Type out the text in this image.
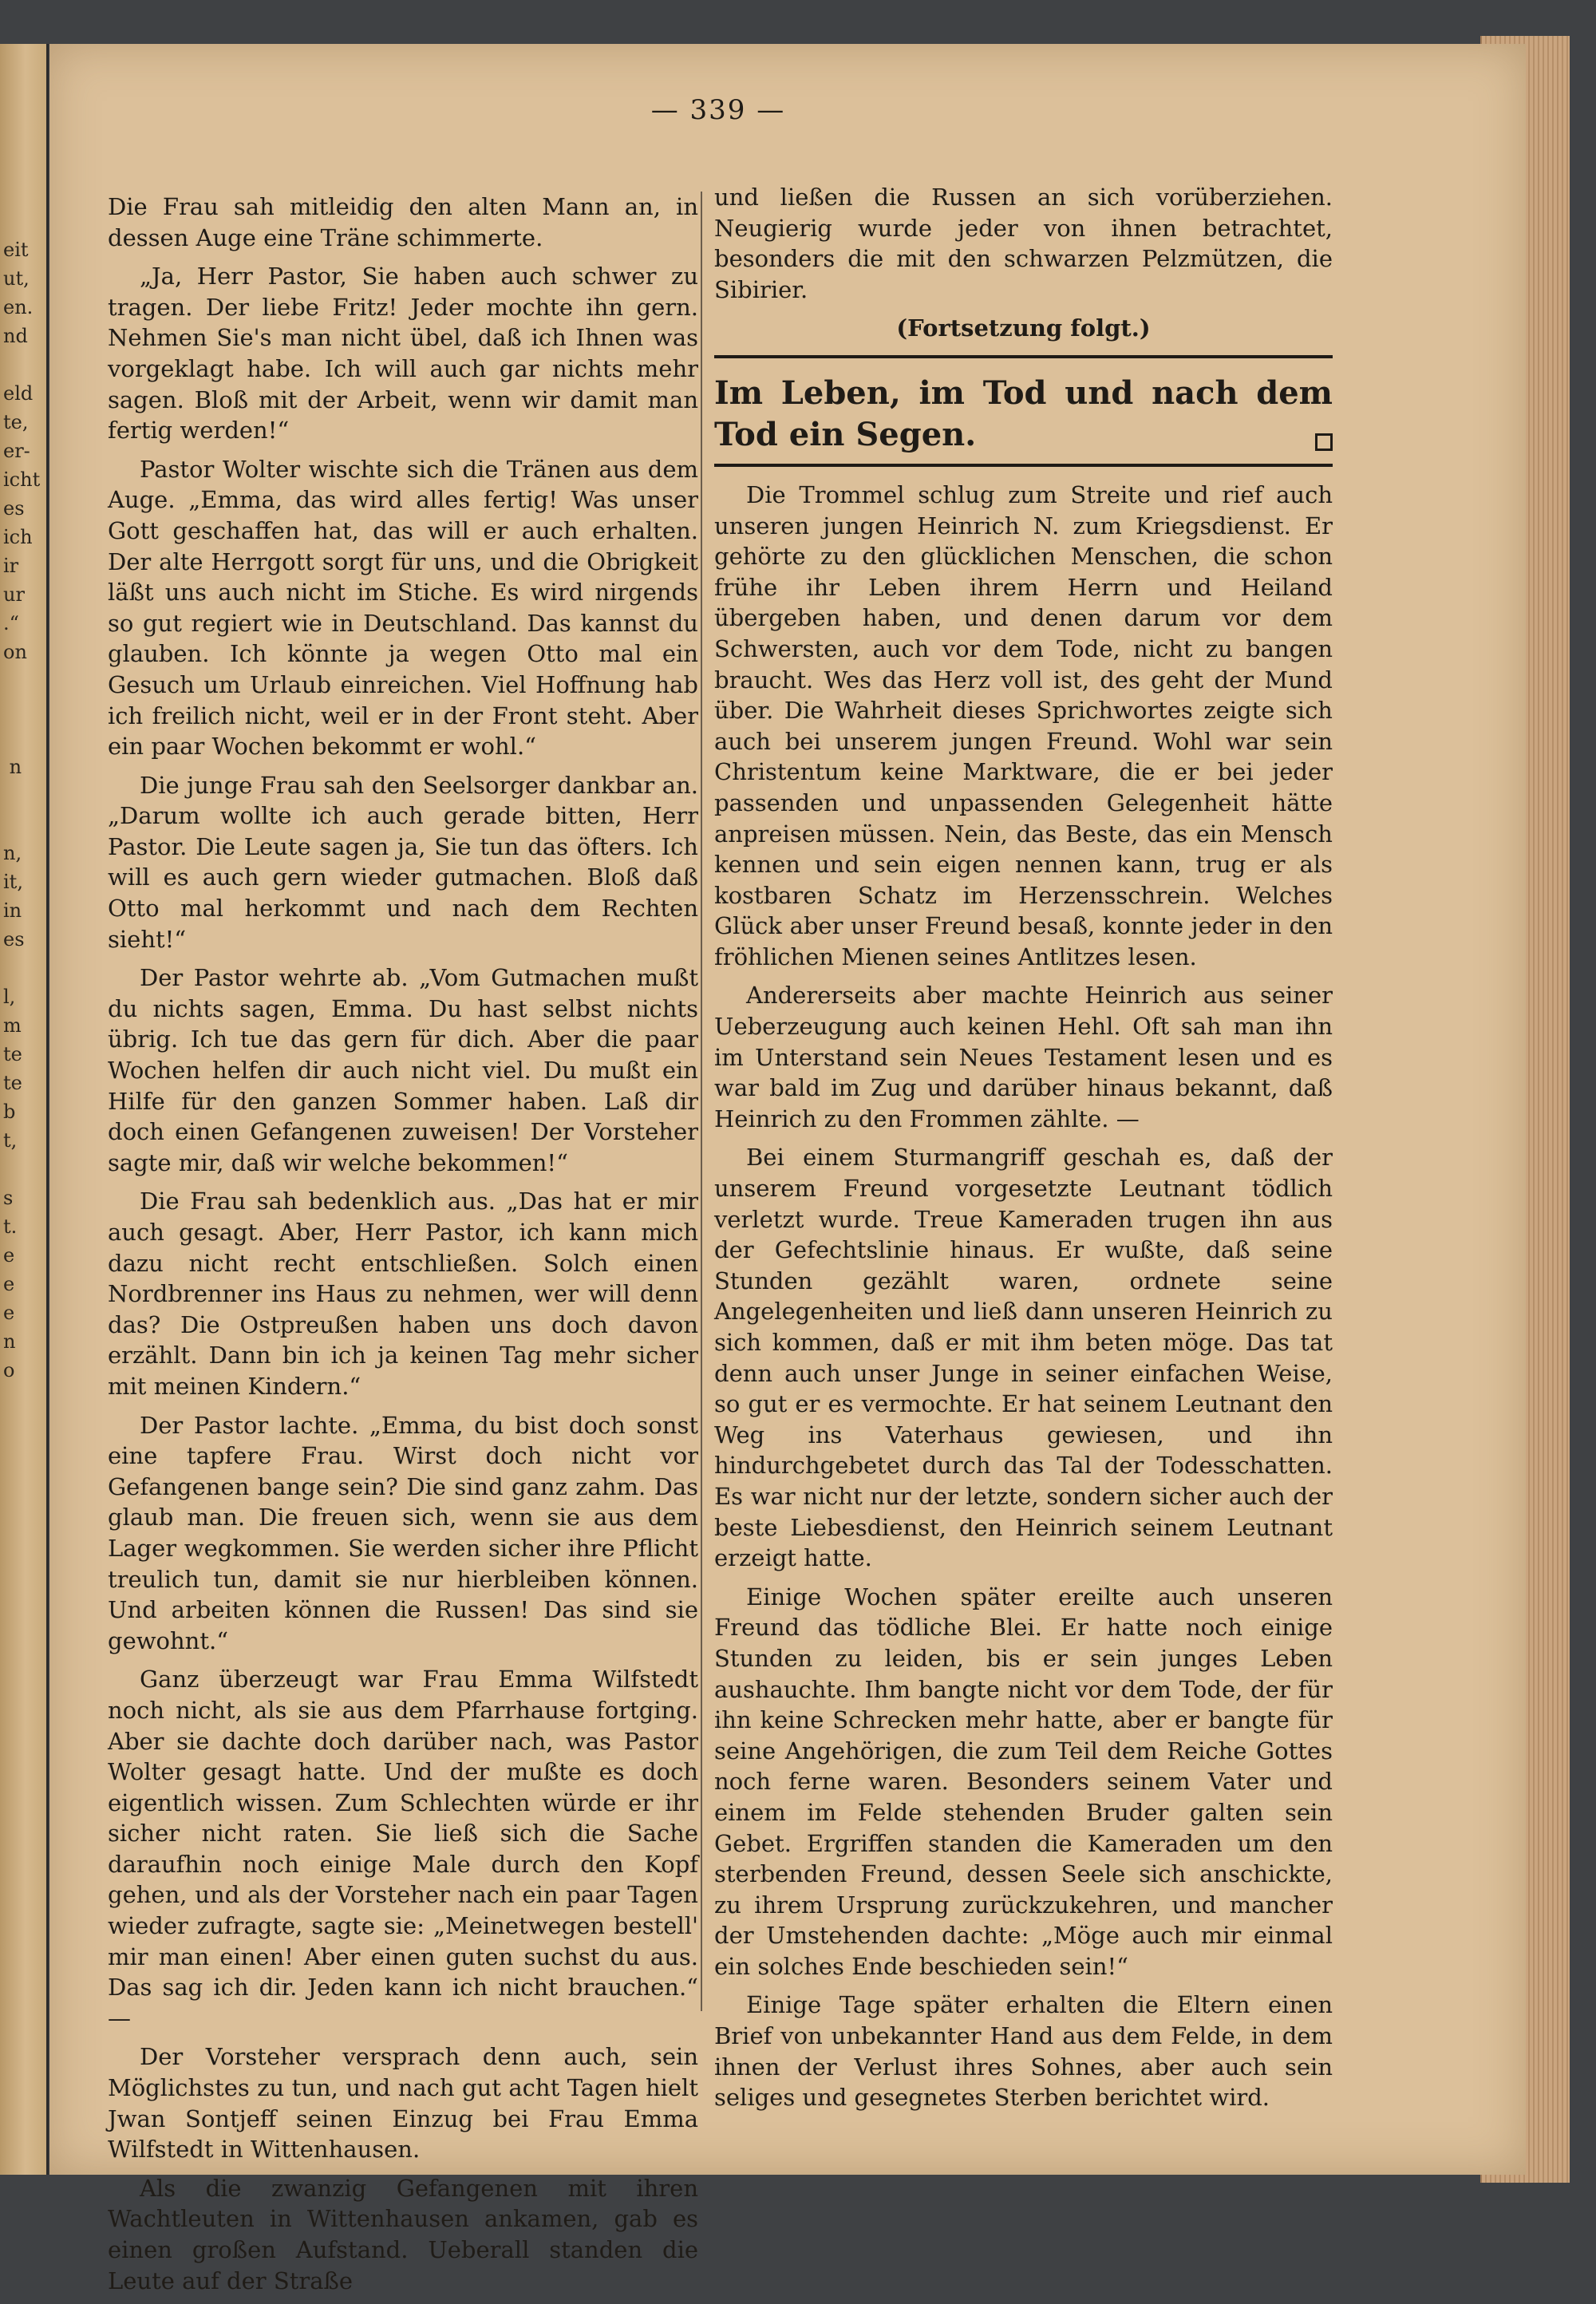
eit
ut,
en.
nd

eld
te,
er-
icht
es
ich
ir
ur
.“
on

n

n,
it,
in
es

l,
m
te
te
b
t,

s
t.
e
e
e
n
o
— 339 —

Die Frau sah mitleidig den alten Mann an, in dessen Auge eine Träne schimmerte.

„Ja, Herr Pastor, Sie haben auch schwer zu tragen. Der liebe Fritz! Jeder mochte ihn gern. Nehmen Sie's man nicht übel, daß ich Ihnen was vorgeklagt habe. Ich will auch gar nichts mehr sagen. Bloß mit der Arbeit, wenn wir damit man fertig werden!“

Pastor Wolter wischte sich die Tränen aus dem Auge. „Emma, das wird alles fertig! Was unser Gott geschaffen hat, das will er auch erhalten. Der alte Herrgott sorgt für uns, und die Obrigkeit läßt uns auch nicht im Stiche. Es wird nirgends so gut regiert wie in Deutschland. Das kannst du glauben. Ich könnte ja wegen Otto mal ein Gesuch um Urlaub einreichen. Viel Hoffnung hab ich freilich nicht, weil er in der Front steht. Aber ein paar Wochen bekommt er wohl.“

Die junge Frau sah den Seelsorger dankbar an. „Darum wollte ich auch gerade bitten, Herr Pastor. Die Leute sagen ja, Sie tun das öfters. Ich will es auch gern wieder gutmachen. Bloß daß Otto mal herkommt und nach dem Rechten sieht!“

Der Pastor wehrte ab. „Vom Gutmachen mußt du nichts sagen, Emma. Du hast selbst nichts übrig. Ich tue das gern für dich. Aber die paar Wochen helfen dir auch nicht viel. Du mußt ein Hilfe für den ganzen Sommer haben. Laß dir doch einen Gefangenen zuweisen! Der Vorsteher sagte mir, daß wir welche bekommen!“

Die Frau sah bedenklich aus. „Das hat er mir auch gesagt. Aber, Herr Pastor, ich kann mich dazu nicht recht entschließen. Solch einen Nordbrenner ins Haus zu nehmen, wer will denn das? Die Ostpreußen haben uns doch davon erzählt. Dann bin ich ja keinen Tag mehr sicher mit meinen Kindern.“

Der Pastor lachte. „Emma, du bist doch sonst eine tapfere Frau. Wirst doch nicht vor Gefangenen bange sein? Die sind ganz zahm. Das glaub man. Die freuen sich, wenn sie aus dem Lager wegkommen. Sie werden sicher ihre Pflicht treulich tun, damit sie nur hierbleiben können. Und arbeiten können die Russen! Das sind sie gewohnt.“

Ganz überzeugt war Frau Emma Wilfstedt noch nicht, als sie aus dem Pfarrhause fortging. Aber sie dachte doch darüber nach, was Pastor Wolter gesagt hatte. Und der mußte es doch eigentlich wissen. Zum Schlechten würde er ihr sicher nicht raten. Sie ließ sich die Sache daraufhin noch einige Male durch den Kopf gehen, und als der Vorsteher nach ein paar Tagen wieder zufragte, sagte sie: „Meinetwegen bestell' mir man einen! Aber einen guten suchst du aus. Das sag ich dir. Jeden kann ich nicht brauchen.“ —

Der Vorsteher versprach denn auch, sein Möglichstes zu tun, und nach gut acht Tagen hielt Jwan Sontjeff seinen Einzug bei Frau Emma Wilfstedt in Wittenhausen.

Als die zwanzig Gefangenen mit ihren Wachtleuten in Wittenhausen ankamen, gab es einen großen Aufstand. Ueberall standen die Leute auf der Straße

und ließen die Russen an sich vorüberziehen. Neugierig wurde jeder von ihnen betrachtet, besonders die mit den schwarzen Pelzmützen, die Sibirier.

(Fortsetzung folgt.)

Im Leben, im Tod und nach dem Tod ein Segen.

Die Trommel schlug zum Streite und rief auch unseren jungen Heinrich N. zum Kriegsdienst. Er gehörte zu den glücklichen Menschen, die schon frühe ihr Leben ihrem Herrn und Heiland übergeben haben, und denen darum vor dem Schwersten, auch vor dem Tode, nicht zu bangen braucht. Wes das Herz voll ist, des geht der Mund über. Die Wahrheit dieses Sprichwortes zeigte sich auch bei unserem jungen Freund. Wohl war sein Christentum keine Marktware, die er bei jeder passenden und unpassenden Gelegenheit hätte anpreisen müssen. Nein, das Beste, das ein Mensch kennen und sein eigen nennen kann, trug er als kostbaren Schatz im Herzensschrein. Welches Glück aber unser Freund besaß, konnte jeder in den fröhlichen Mienen seines Antlitzes lesen.

Andererseits aber machte Heinrich aus seiner Ueberzeugung auch keinen Hehl. Oft sah man ihn im Unterstand sein Neues Testament lesen und es war bald im Zug und darüber hinaus bekannt, daß Heinrich zu den Frommen zählte. —

Bei einem Sturmangriff geschah es, daß der unserem Freund vorgesetzte Leutnant tödlich verletzt wurde. Treue Kameraden trugen ihn aus der Gefechtslinie hinaus. Er wußte, daß seine Stunden gezählt waren, ordnete seine Angelegenheiten und ließ dann unseren Heinrich zu sich kommen, daß er mit ihm beten möge. Das tat denn auch unser Junge in seiner einfachen Weise, so gut er es vermochte. Er hat seinem Leutnant den Weg ins Vaterhaus gewiesen, und ihn hindurchgebetet durch das Tal der Todesschatten. Es war nicht nur der letzte, sondern sicher auch der beste Liebesdienst, den Heinrich seinem Leutnant erzeigt hatte.

Einige Wochen später ereilte auch unseren Freund das tödliche Blei. Er hatte noch einige Stunden zu leiden, bis er sein junges Leben aushauchte. Ihm bangte nicht vor dem Tode, der für ihn keine Schrecken mehr hatte, aber er bangte für seine Angehörigen, die zum Teil dem Reiche Gottes noch ferne waren. Besonders seinem Vater und einem im Felde stehenden Bruder galten sein Gebet. Ergriffen standen die Kameraden um den sterbenden Freund, dessen Seele sich anschickte, zu ihrem Ursprung zurückzukehren, und mancher der Umstehenden dachte: „Möge auch mir einmal ein solches Ende beschieden sein!“

Einige Tage später erhalten die Eltern einen Brief von unbekannter Hand aus dem Felde, in dem ihnen der Verlust ihres Sohnes, aber auch sein seliges und gesegnetes Sterben berichtet wird.
